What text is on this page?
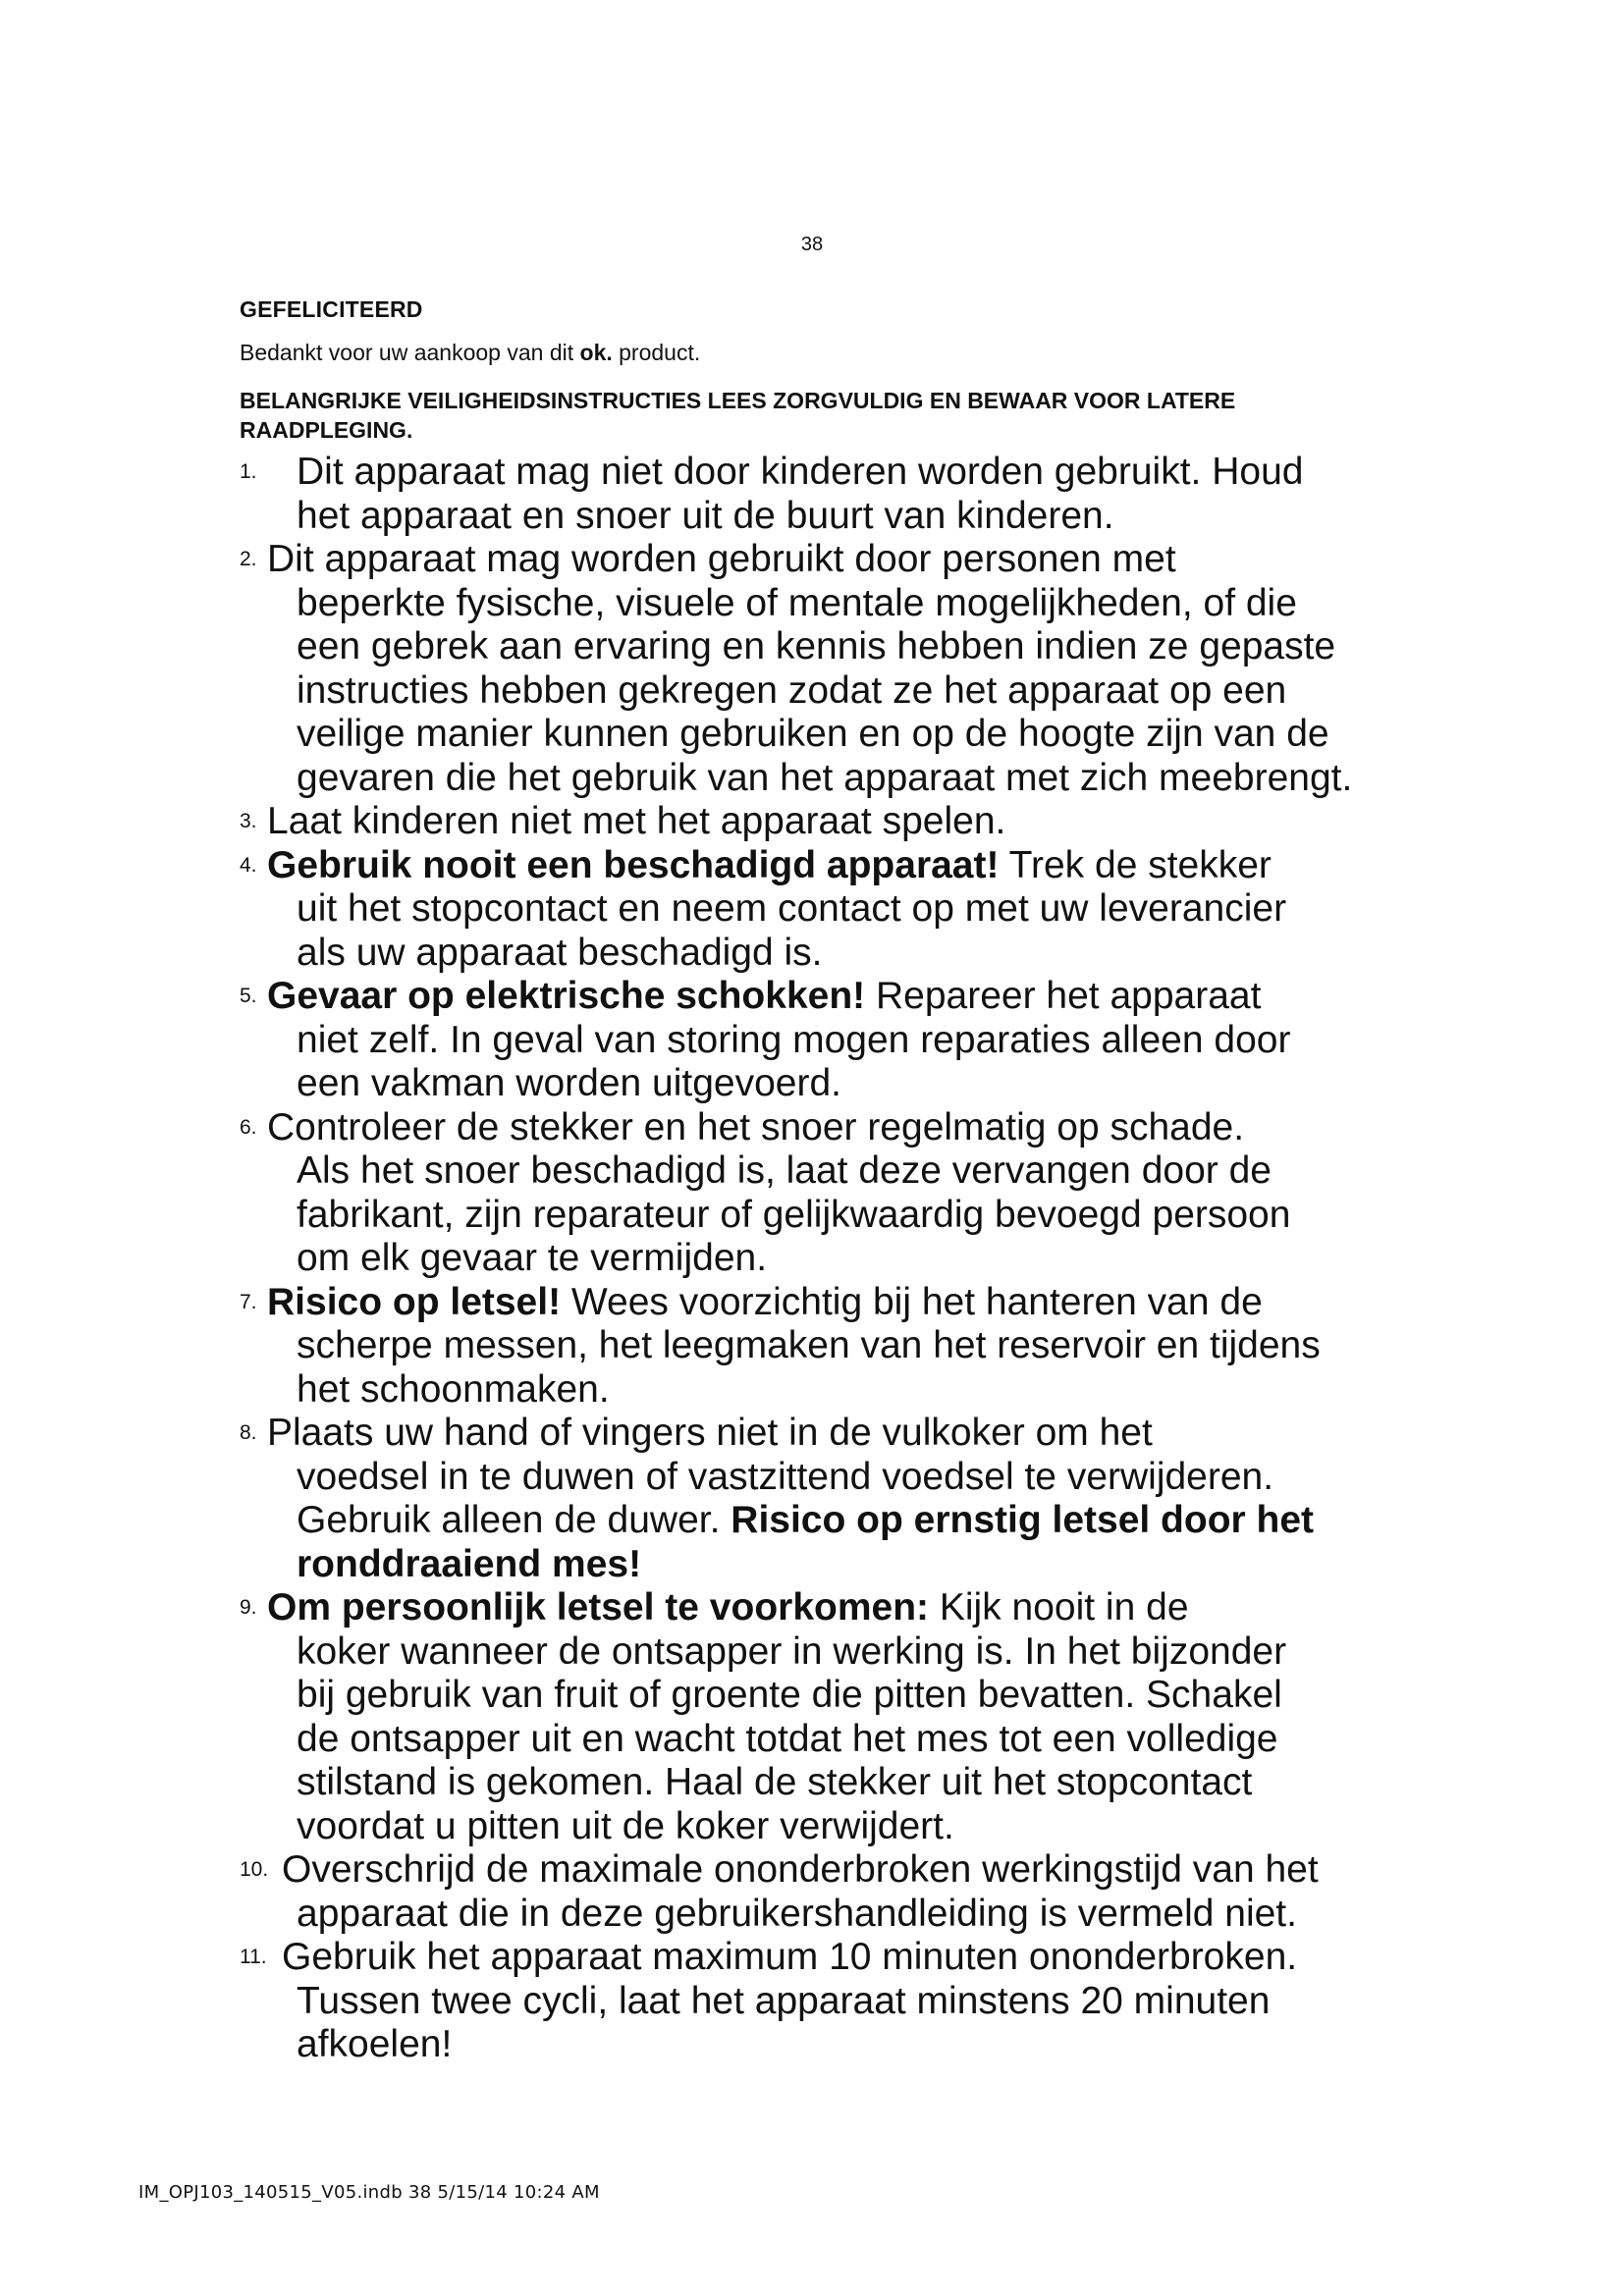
38
GEFELICITEERD
Bedankt voor uw aankoop van dit ok. product.
BELANGRIJKE VEILIGHEIDSINSTRUCTIES LEES ZORGVULDIG EN BEWAAR VOOR LATERE RAADPLEGING.
1. Dit apparaat mag niet door kinderen worden gebruikt. Houd
het apparaat en snoer uit de buurt van kinderen.
2. Dit apparaat mag worden gebruikt door personen met
beperkte fysische, visuele of mentale mogelijkheden, of die
een gebrek aan ervaring en kennis hebben indien ze gepaste
instructies hebben gekregen zodat ze het apparaat op een
veilige manier kunnen gebruiken en op de hoogte zijn van de
gevaren die het gebruik van het apparaat met zich meebrengt.
3. Laat kinderen niet met het apparaat spelen.
4. Gebruik nooit een beschadigd apparaat! Trek de stekker
uit het stopcontact en neem contact op met uw leverancier
als uw apparaat beschadigd is.
5. Gevaar op elektrische schokken! Repareer het apparaat
niet zelf. In geval van storing mogen reparaties alleen door
een vakman worden uitgevoerd.
6. Controleer de stekker en het snoer regelmatig op schade.
Als het snoer beschadigd is, laat deze vervangen door de
fabrikant, zijn reparateur of gelijkwaardig bevoegd persoon
om elk gevaar te vermijden.
7. Risico op letsel! Wees voorzichtig bij het hanteren van de
scherpe messen, het leegmaken van het reservoir en tijdens
het schoonmaken.
8. Plaats uw hand of vingers niet in de vulkoker om het
voedsel in te duwen of vastzittend voedsel te verwijderen.
Gebruik alleen de duwer. Risico op ernstig letsel door het
ronddraaiend mes!
9. Om persoonlijk letsel te voorkomen: Kijk nooit in de
koker wanneer de ontsapper in werking is. In het bijzonder
bij gebruik van fruit of groente die pitten bevatten. Schakel
de ontsapper uit en wacht totdat het mes tot een volledige
stilstand is gekomen. Haal de stekker uit het stopcontact
voordat u pitten uit de koker verwijdert.
10. Overschrijd de maximale ononderbroken werkingstijd van het
apparaat die in deze gebruikershandleiding is vermeld niet.
11. Gebruik het apparaat maximum 10 minuten ononderbroken.
Tussen twee cycli, laat het apparaat minstens 20 minuten
afkoelen!
IM_OPJ103_140515_V05.indb 38 5/15/14 10:24 AM
